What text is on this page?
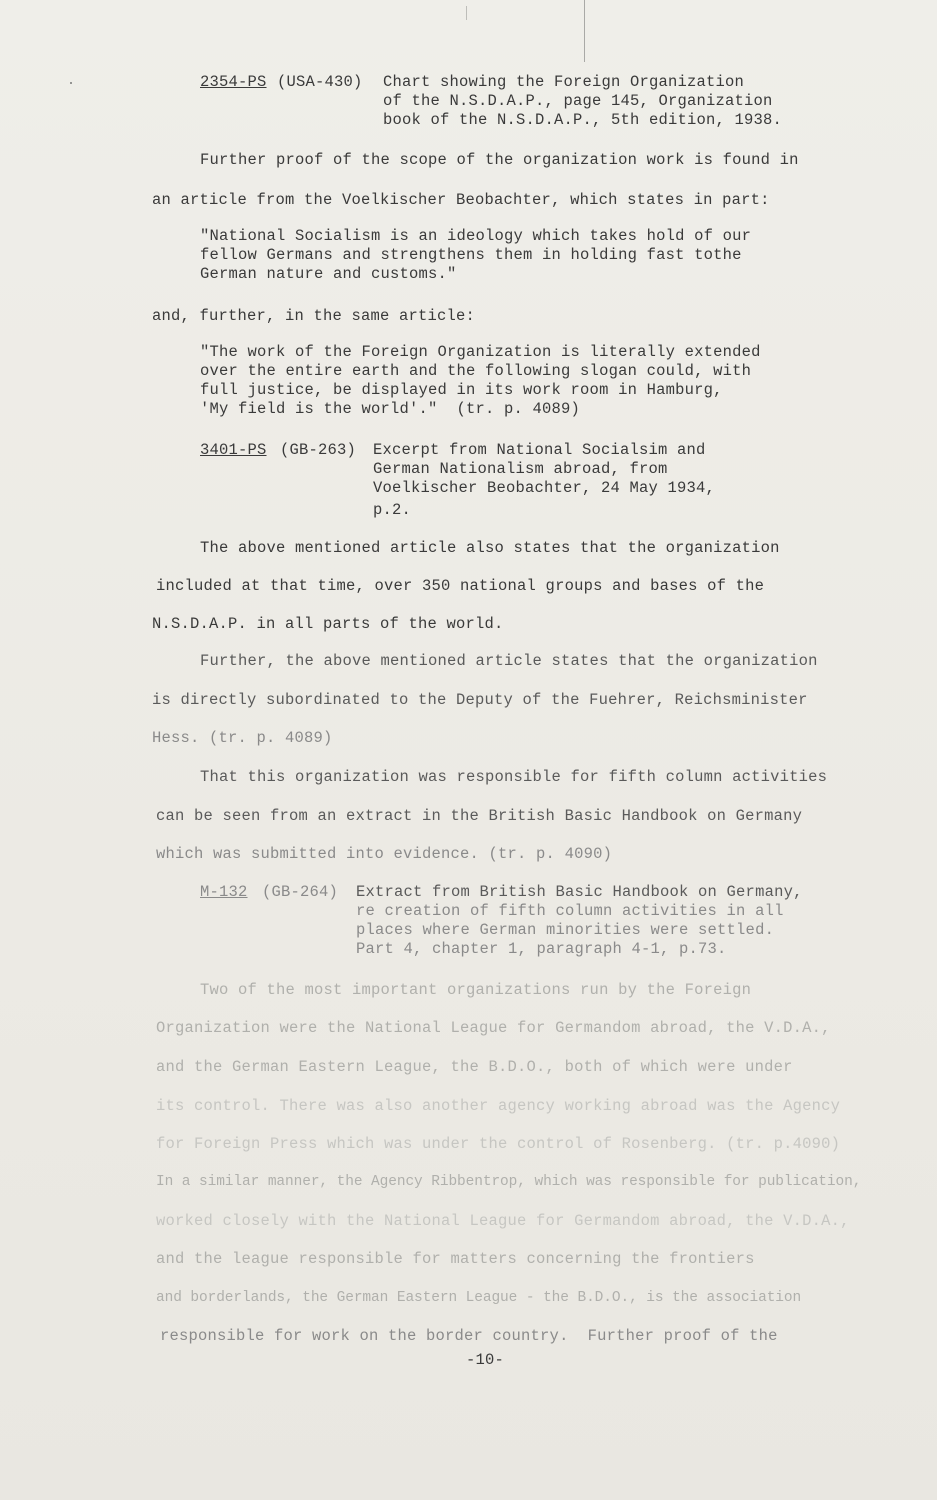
2354-PS (USA-430) Chart showing the Foreign Organization
of the N.S.D.A.P., page 145, Organization
book of the N.S.D.A.P., 5th edition, 1938.
Further proof of the scope of the organization work is found in
an article from the Voelkischer Beobachter, which states in part:
"National Socialism is an ideology which takes hold of our
fellow Germans and strengthens them in holding fast tothe
German nature and customs."
and, further, in the same article:
"The work of the Foreign Organization is literally extended
over the entire earth and the following slogan could, with
full justice, be displayed in its work room in Hamburg,
'My field is the world'."  (tr. p. 4089)
3401-PS (GB-263) Excerpt from National Socialsim and
German Nationalism abroad, from
Voelkischer Beobachter, 24 May 1934,
p.2.
The above mentioned article also states that the organization
included at that time, over 350 national groups and bases of the
N.S.D.A.P. in all parts of the world.
Further, the above mentioned article states that the organization
is directly subordinated to the Deputy of the Fuehrer, Reichsminister
Hess. (tr. p. 4089)
That this organization was responsible for fifth column activities
can be seen from an extract in the British Basic Handbook on Germany
which was submitted into evidence. (tr. p. 4090)
M-132 (GB-264) Extract from British Basic Handbook on Germany,
re creation of fifth column activities in all
places where German minorities were settled.
Part 4, chapter 1, paragraph 4-1, p.73.
Two of the most important organizations run by the Foreign
Organization were the National League for Germandom abroad, the V.D.A.,
and the German Eastern League, the B.D.O., both of which were under
its control. There was also another agency working abroad was the Agency
for Foreign Press which was under the control of Rosenberg. (tr. p.4090)
In a similar manner, the Agency Ribbentrop, which was responsible for publication,
worked closely with the National League for Germandom abroad, the V.D.A.,
and the league responsible for matters concerning the frontiers
and borderlands, the German Eastern League - the B.D.O., is the association
responsible for work on the border country.  Further proof of the
-10-
